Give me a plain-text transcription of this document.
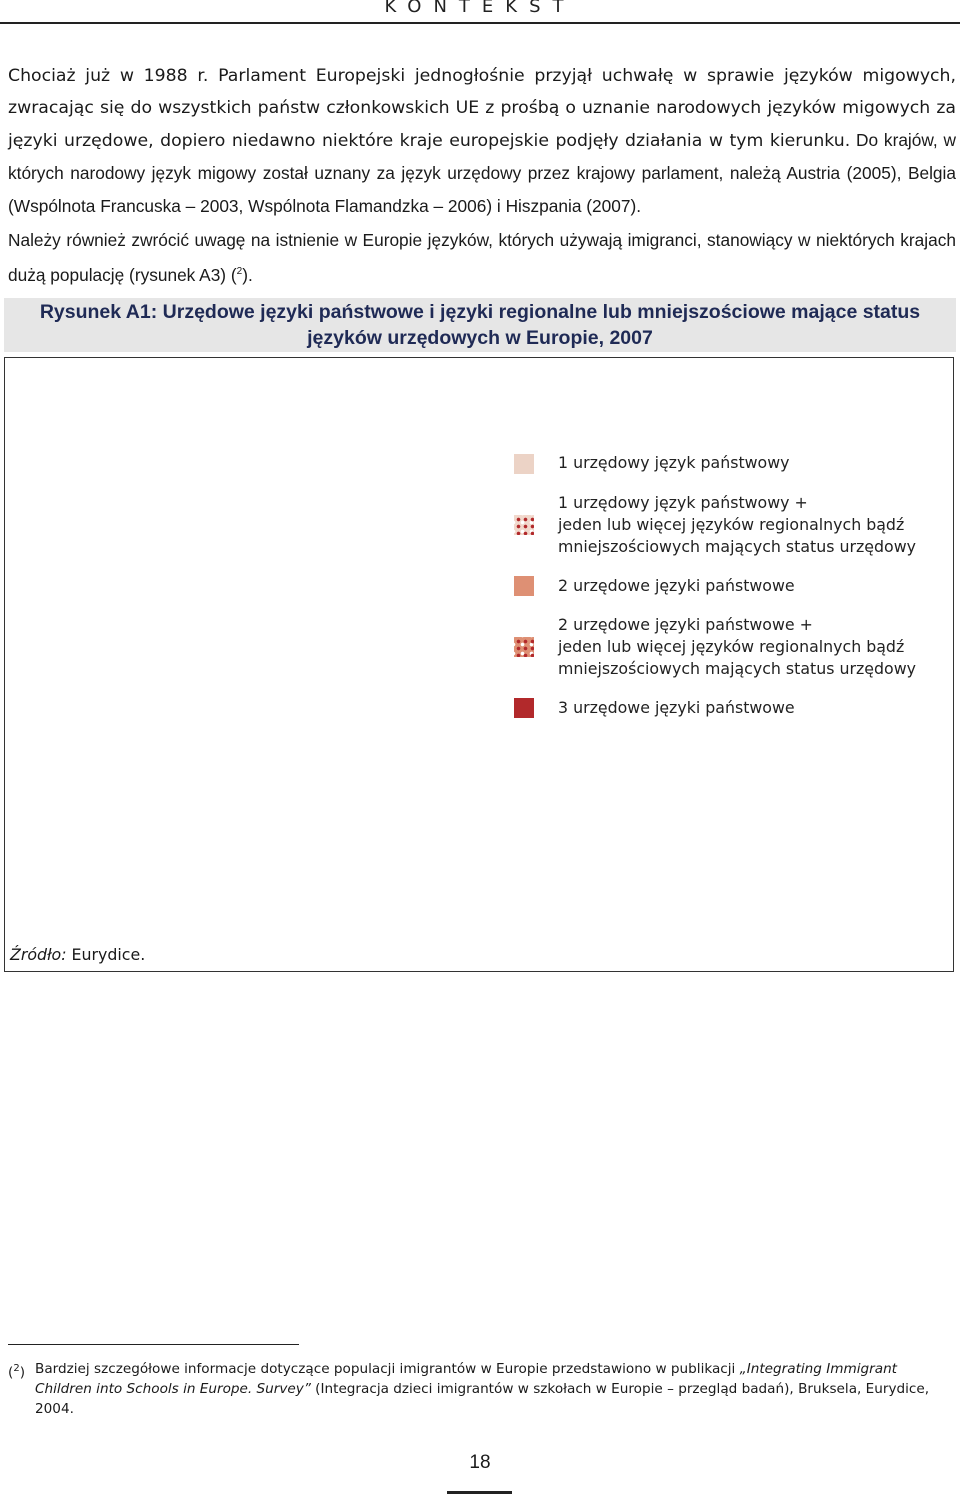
KONTEKST

Chociaż już w 1988 r. Parlament Europejski jednogłośnie przyjął uchwałę w sprawie języków migowych, zwracając się do wszystkich państw członkowskich UE z prośbą o uznanie narodowych języków migowych za języki urzędowe, dopiero niedawno niektóre kraje europejskie podjęły działania w tym kierunku. Do krajów, w których narodowy język migowy został uznany za język urzędowy przez krajowy parlament, należą Austria (2005), Belgia (Wspólnota Francuska – 2003, Wspólnota Flamandzka – 2006) i Hiszpania (2007).

Należy również zwrócić uwagę na istnienie w Europie języków, których używają imigranci, stanowiący w niektórych krajach dużą populację (rysunek A3) ($^2$).

Rysunek A1: Urzędowe języki państwowe i języki regionalne lub mniejszościowe mające status
języków urzędowych w Europie, 2007
1 urzędowy język państwowy
1 urzędowy język państwowy +
jeden lub więcej języków regionalnych bądź
mniejszościowych mających status urzędowy
2 urzędowe języki państwowe
2 urzędowe języki państwowe +
jeden lub więcej języków regionalnych bądź
mniejszościowych mających status urzędowy
3 urzędowe języki państwowe
Źródło: Eurydice.
($^2$) Bardziej szczegółowe informacje dotyczące populacji imigrantów w Europie przedstawiono w publikacji „Integrating Immigrant Children into Schools in Europe. Survey” (Integracja dzieci imigrantów w szkołach w Europie – przegląd badań), Bruksela, Eurydice, 2004.
18
